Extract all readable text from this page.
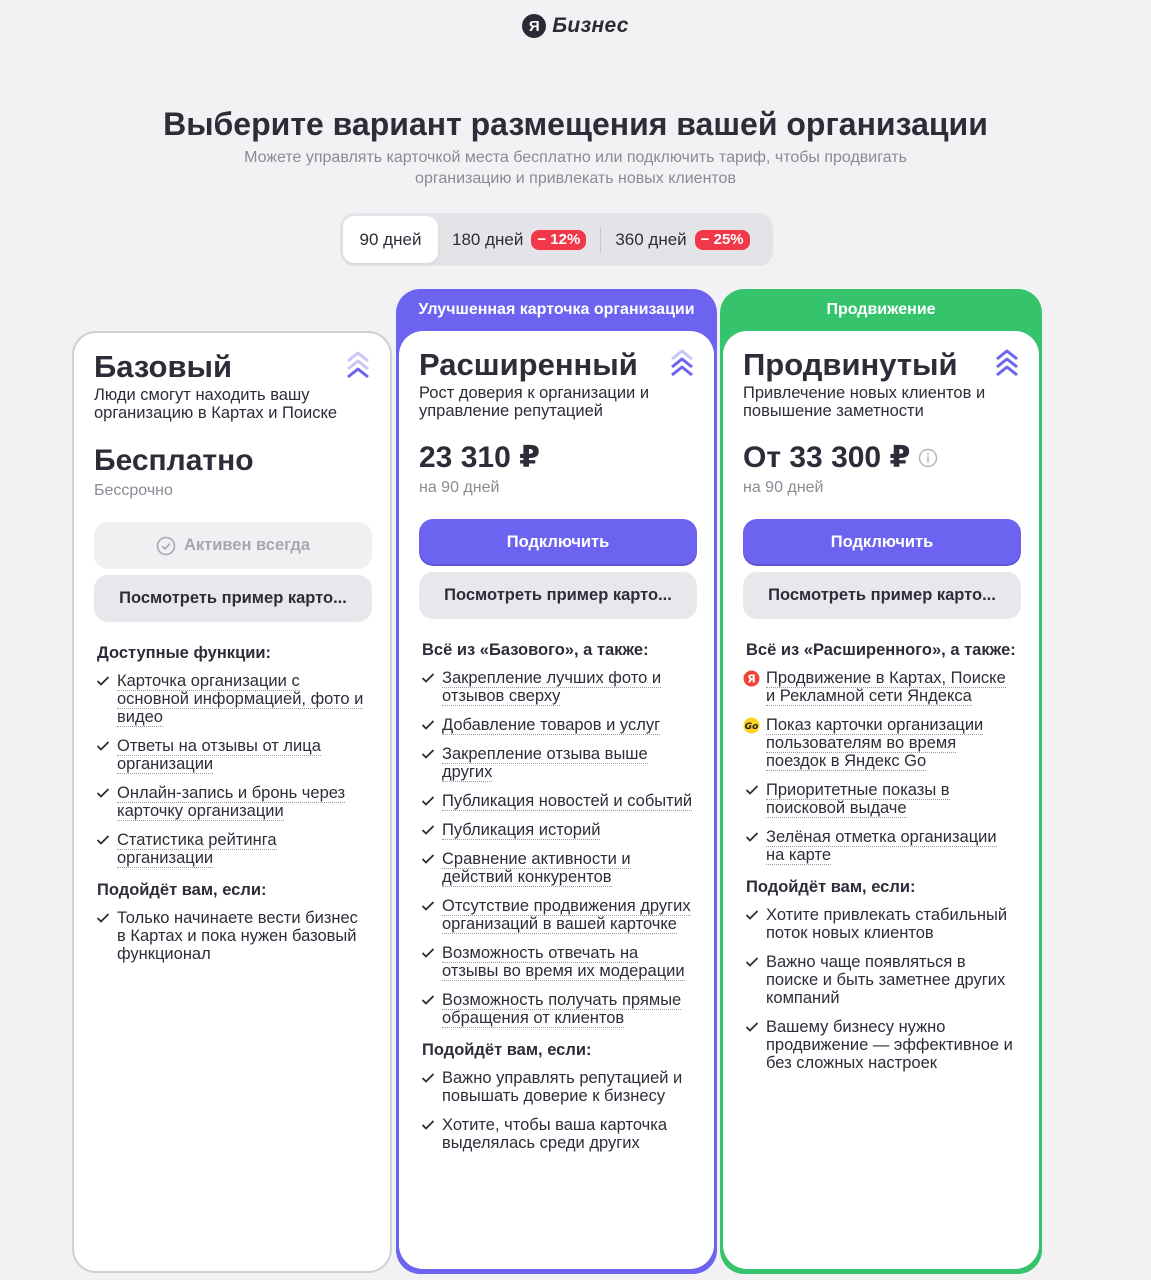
Я Бизнес
Выберите вариант размещения вашей организации

Можете управлять карточкой места бесплатно или подключить тариф, чтобы продвигать организацию и привлекать новых клиентов

90 дней 180 дней − 12%	360 дней − 25%
Базовый
Люди смогут находить вашу организацию в Картах и Поиске
Бесплатно
Бессрочно
Активен всегда
Посмотреть пример карто...
Доступные функции:
Карточка организации с основной информацией, фото и видео
Ответы на отзывы от лица организации
Онлайн-запись и бронь через карточку организации
Статистика рейтинга организации
Подойдёт вам, если:
Только начинаете вести бизнес в Картах и пока нужен базовый функционал
Улучшенная карточка организации
Расширенный
Рост доверия к организации и управление репутацией
23 310 ₽
на 90 дней
Подключить
Посмотреть пример карто...
Всё из «Базового», а также:
Закрепление лучших фото и отзывов сверху
Добавление товаров и услуг
Закрепление отзыва выше других
Публикация новостей и событий
Публикация историй
Сравнение активности и действий конкурентов
Отсутствие продвижения других организаций в вашей карточке
Возможность отвечать на отзывы во время их модерации
Возможность получать прямые обращения от клиентов
Подойдёт вам, если:
Важно управлять репутацией и повышать доверие к бизнесу
Хотите, чтобы ваша карточка выделялась среди других
Продвижение
Продвинутый
Привлечение новых клиентов и повышение заметности
От 33 300 ₽
на 90 дней
Подключить
Посмотреть пример карто...
Всё из «Расширенного», а также:
Я Продвижение в Картах, Поиске и Рекламной сети Яндекса
Go Показ карточки организации пользователям во время поездок в Яндекс Go
Приоритетные показы в поисковой выдаче
Зелёная отметка организации на карте
Подойдёт вам, если:
Хотите привлекать стабильный поток новых клиентов
Важно чаще появляться в поиске и быть заметнее других компаний
Вашему бизнесу нужно продвижение — эффективное и без сложных настроек
